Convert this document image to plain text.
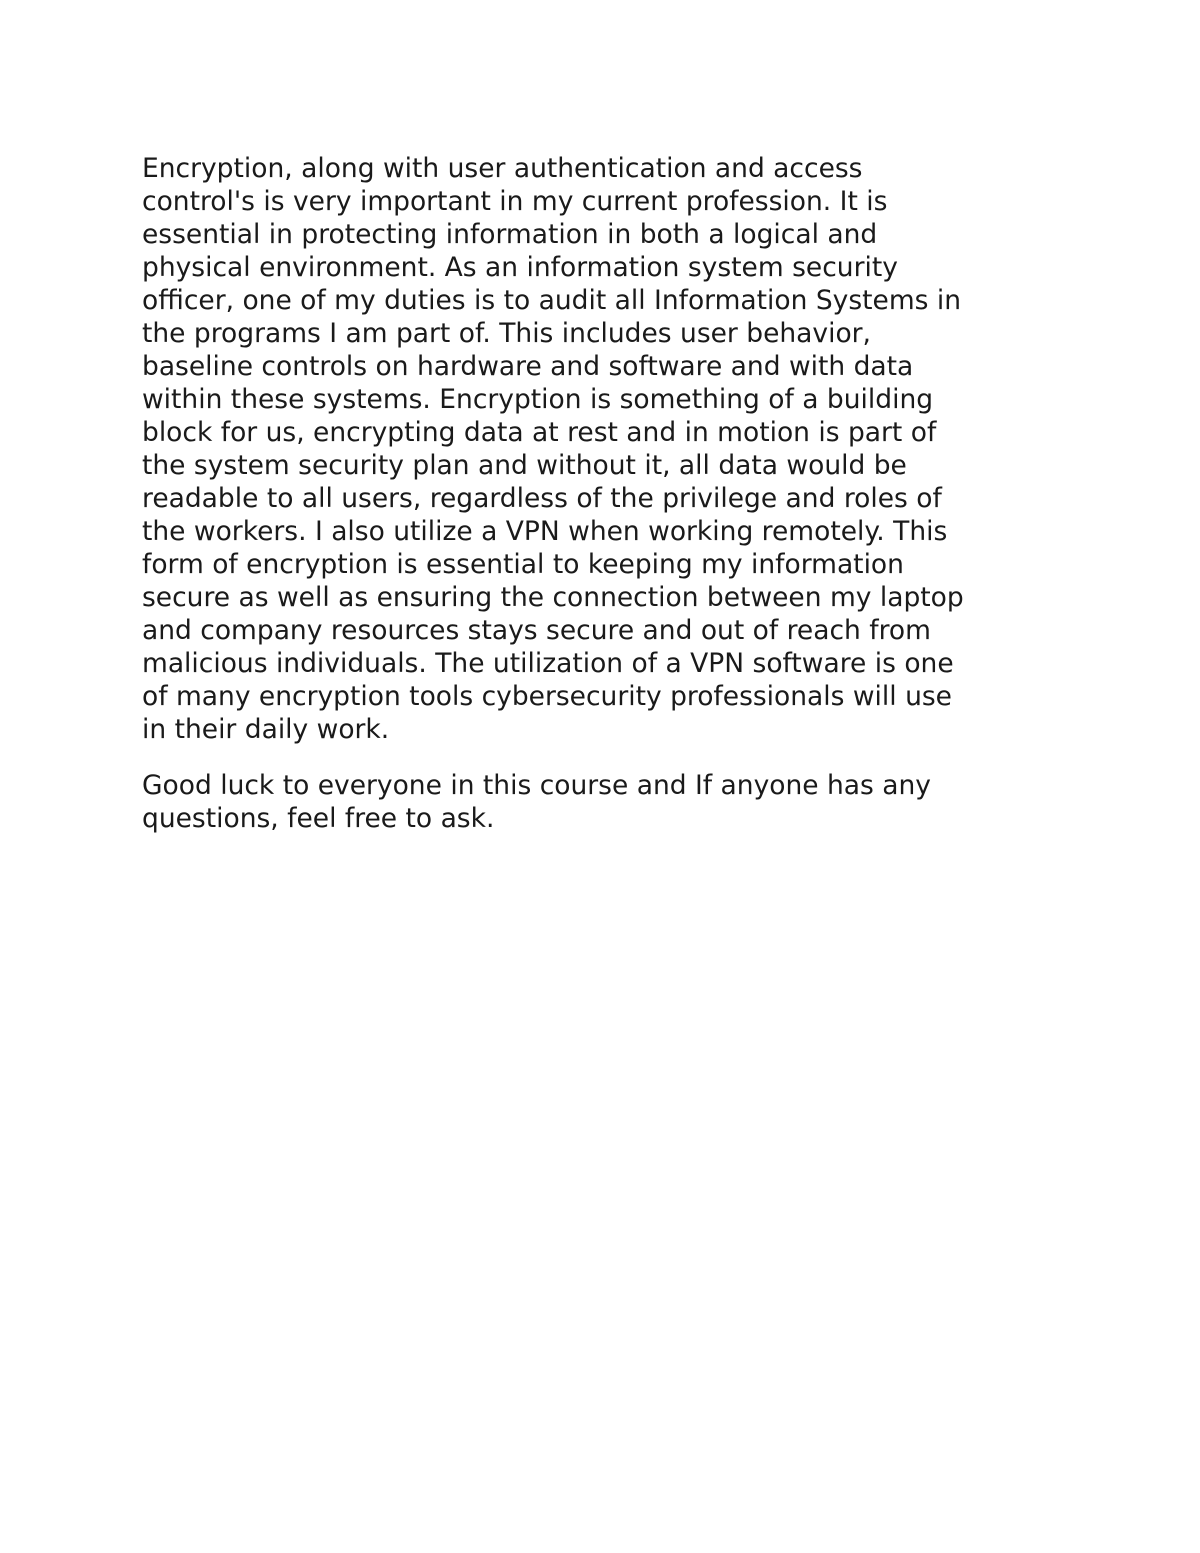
Encryption, along with user authentication and access
control's is very important in my current profession. It is
essential in protecting information in both a logical and
physical environment. As an information system security
officer, one of my duties is to audit all Information Systems in
the programs I am part of. This includes user behavior,
baseline controls on hardware and software and with data
within these systems. Encryption is something of a building
block for us, encrypting data at rest and in motion is part of
the system security plan and without it, all data would be
readable to all users, regardless of the privilege and roles of
the workers. I also utilize a VPN when working remotely. This
form of encryption is essential to keeping my information
secure as well as ensuring the connection between my laptop
and company resources stays secure and out of reach from
malicious individuals. The utilization of a VPN software is one
of many encryption tools cybersecurity professionals will use
in their daily work.

Good luck to everyone in this course and If anyone has any
questions, feel free to ask.
